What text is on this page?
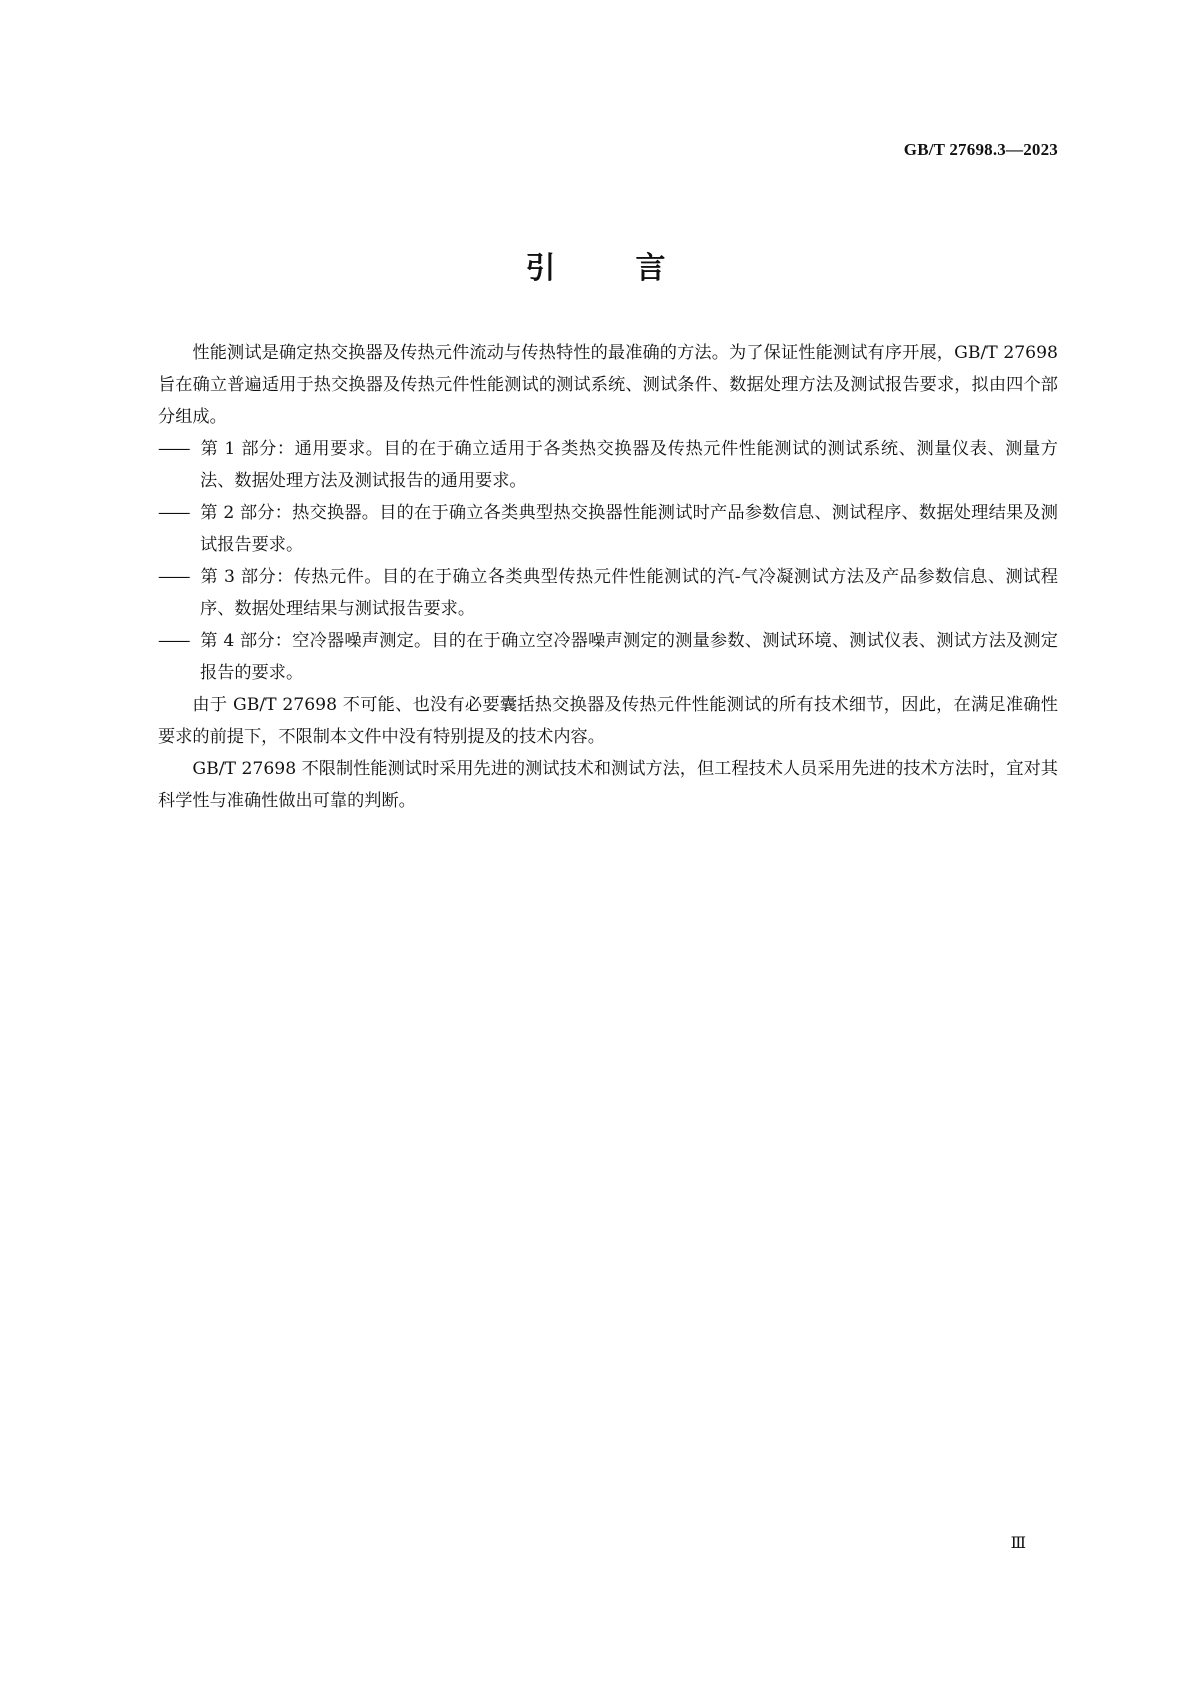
GB/T 27698.3—2023
引言

性能测试是确定热交换器及传热元件流动与传热特性的最准确的方法。为了保证性能测试有序开展，GB/T 27698 旨在确立普遍适用于热交换器及传热元件性能测试的测试系统、测试条件、数据处理方法及测试报告要求，拟由四个部分组成。

—— 第 1 部分：通用要求。目的在于确立适用于各类热交换器及传热元件性能测试的测试系统、测量仪表、测量方法、数据处理方法及测试报告的通用要求。

—— 第 2 部分：热交换器。目的在于确立各类典型热交换器性能测试时产品参数信息、测试程序、数据处理结果及测试报告要求。

—— 第 3 部分：传热元件。目的在于确立各类典型传热元件性能测试的汽-气冷凝测试方法及产品参数信息、测试程序、数据处理结果与测试报告要求。

—— 第 4 部分：空冷器噪声测定。目的在于确立空冷器噪声测定的测量参数、测试环境、测试仪表、测试方法及测定报告的要求。

由于 GB/T 27698 不可能、也没有必要囊括热交换器及传热元件性能测试的所有技术细节，因此，在满足准确性要求的前提下，不限制本文件中没有特别提及的技术内容。

GB/T 27698 不限制性能测试时采用先进的测试技术和测试方法，但工程技术人员采用先进的技术方法时，宜对其科学性与准确性做出可靠的判断。

Ⅲ
